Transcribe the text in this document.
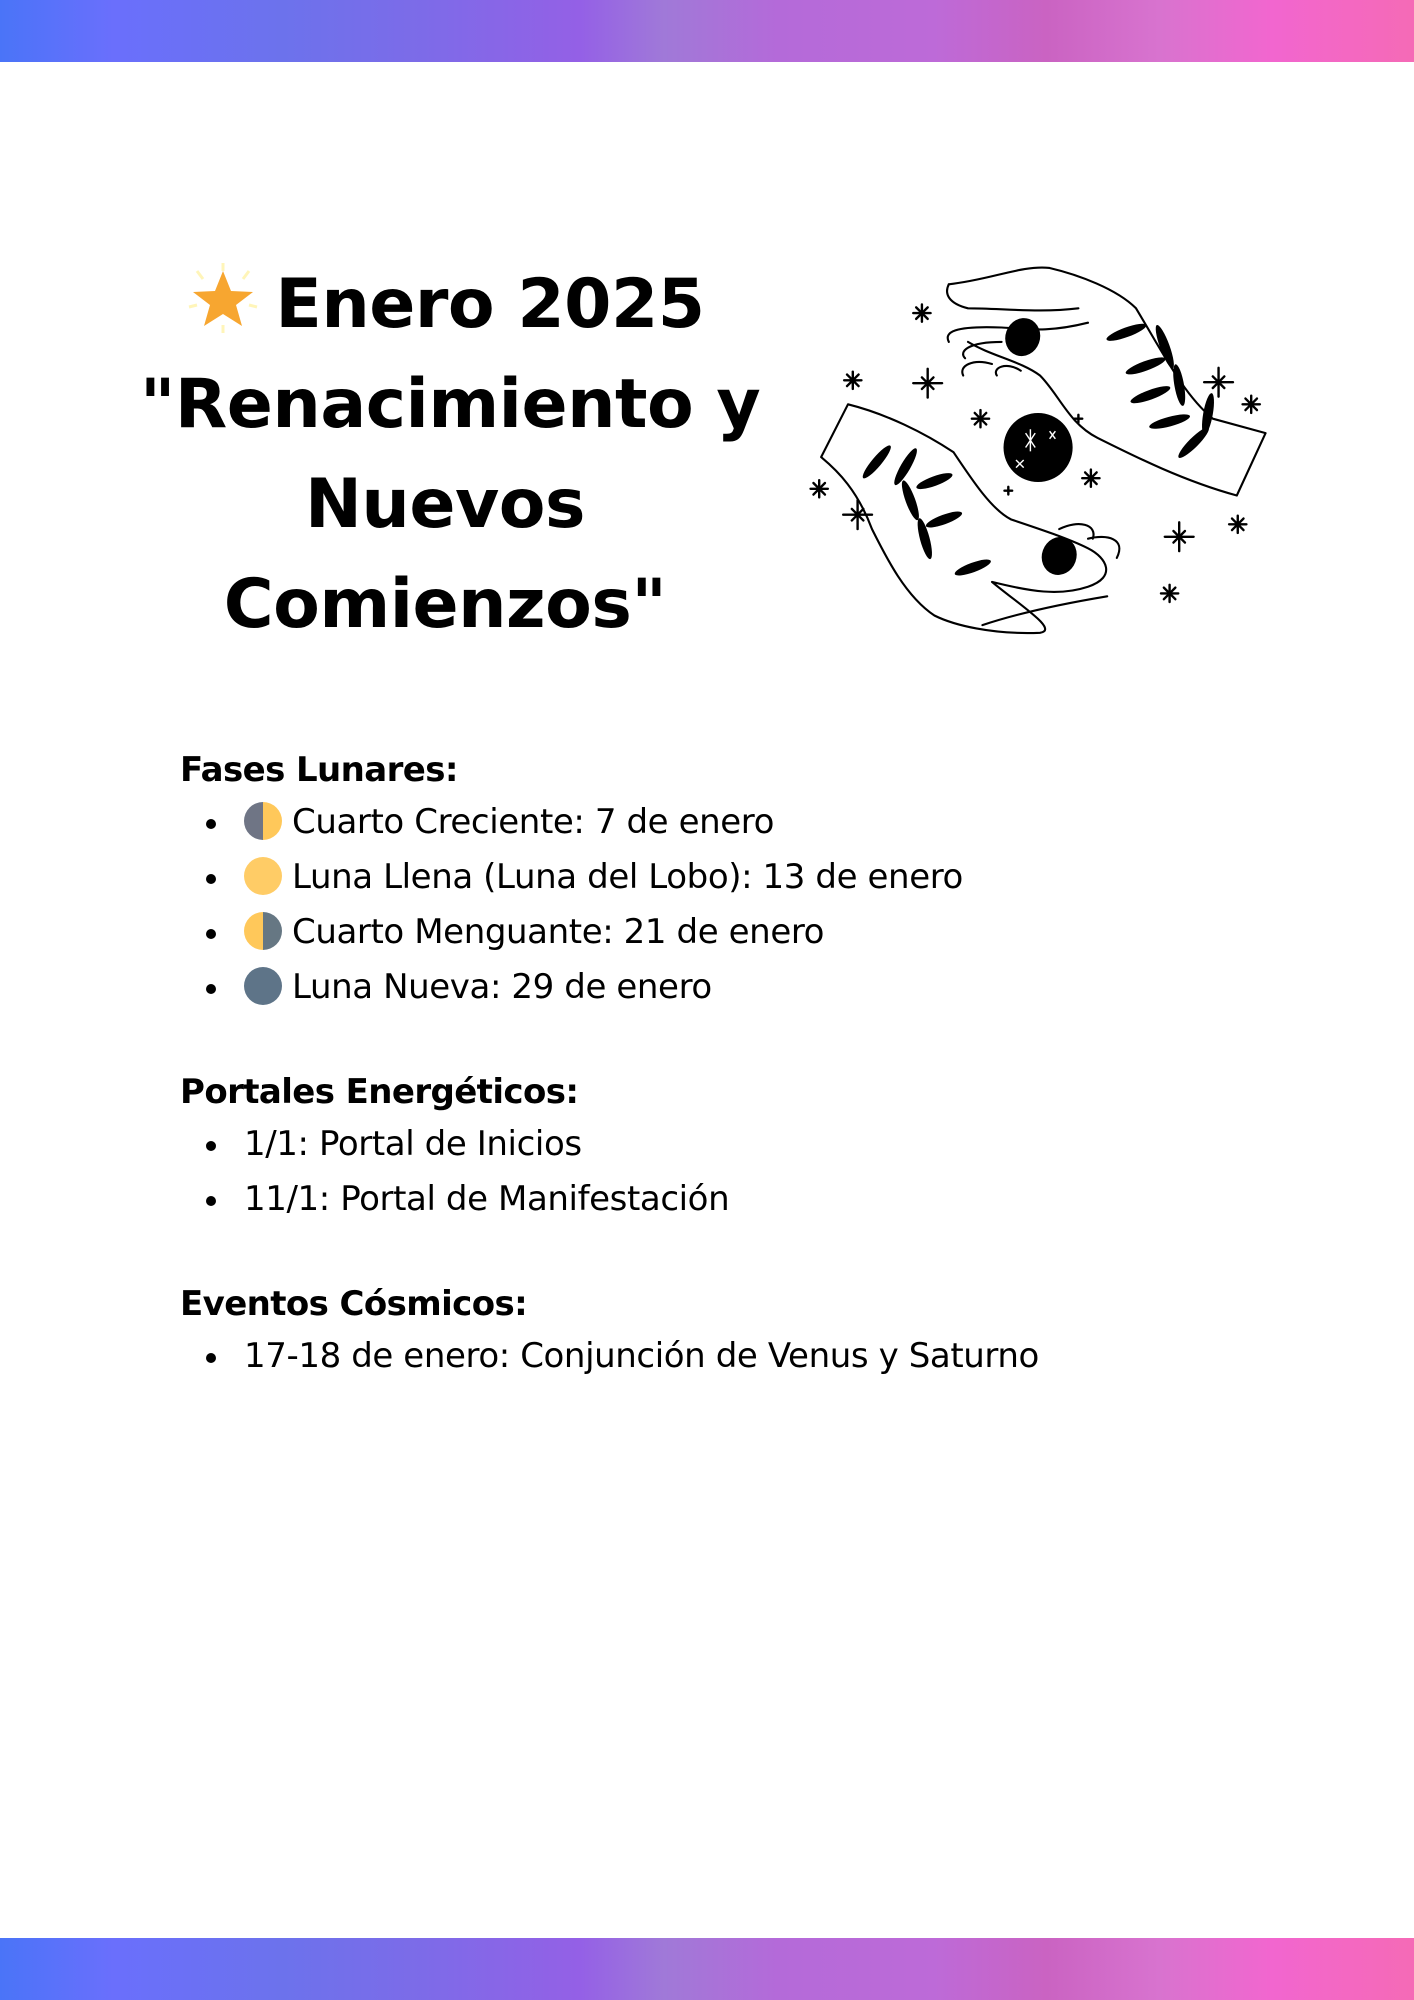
Enero 2025
"Renacimiento y
Nuevos
Comienzos"
Fases Lunares:
Cuarto Creciente: 7 de enero
Luna Llena (Luna del Lobo): 13 de enero
Cuarto Menguante: 21 de enero
Luna Nueva: 29 de enero
Portales Energéticos:
1/1: Portal de Inicios
11/1: Portal de Manifestación
Eventos Cósmicos:
17-18 de enero: Conjunción de Venus y Saturno
